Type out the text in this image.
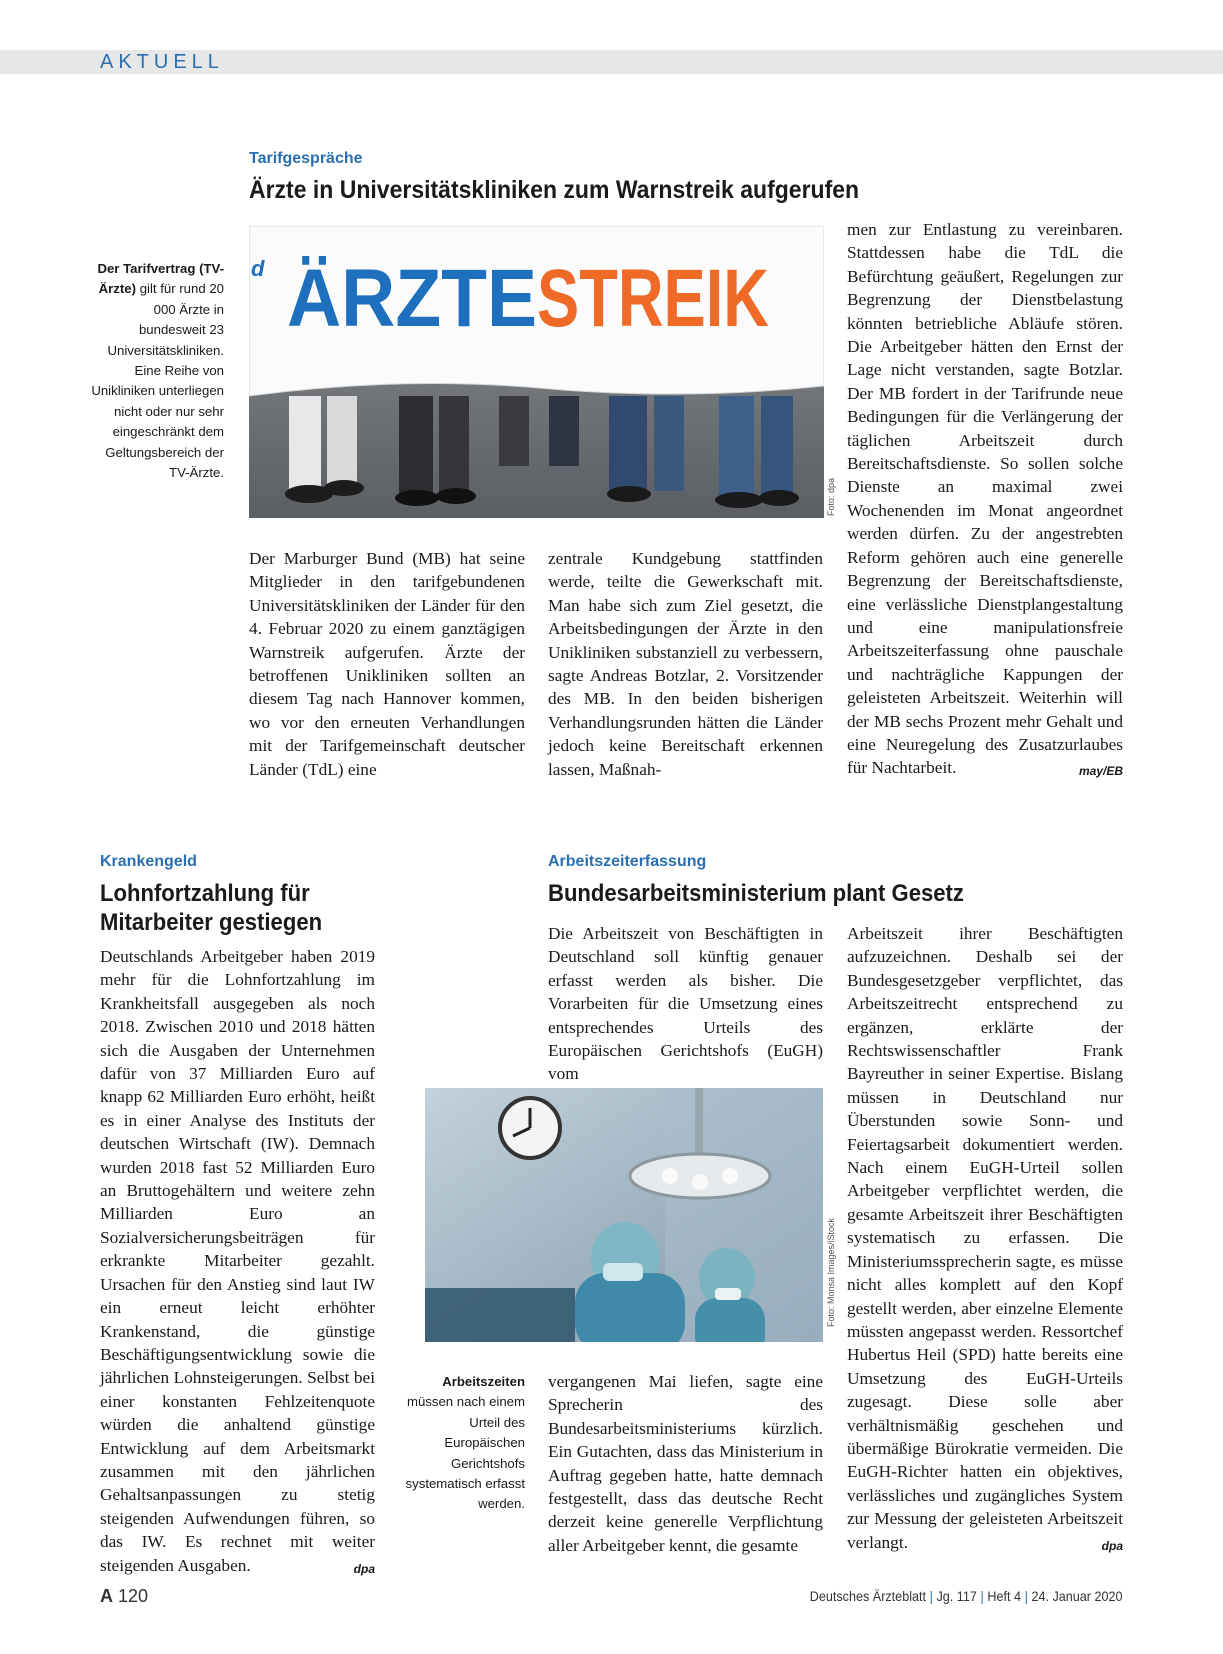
AKTUELL
Tarifgespräche
Ärzte in Universitätskliniken zum Warnstreik aufgerufen
d ÄRZTE STREIK
Foto: dpa
Der Tarifvertrag (TV-Ärzte) gilt für rund 20 000 Ärzte in bundesweit 23 Universitätskliniken. Eine Reihe von Unikliniken unterliegen nicht oder nur sehr eingeschränkt dem Geltungsbereich der TV-Ärzte.
Der Marburger Bund (MB) hat seine Mitglieder in den tarifgebundenen Universitätskliniken der Länder für den 4. Februar 2020 zu einem ganztägigen Warnstreik aufgerufen. Ärzte der betroffenen Unikliniken sollten an diesem Tag nach Hannover kommen, wo vor den erneuten Verhandlungen mit der Tarifgemeinschaft deutscher Länder (TdL) eine
zentrale Kundgebung stattfinden werde, teilte die Gewerkschaft mit. Man habe sich zum Ziel gesetzt, die Arbeitsbedingungen der Ärzte in den Unikliniken substanziell zu verbessern, sagte Andreas Botzlar, 2. Vorsitzender des MB. In den beiden bisherigen Verhandlungsrunden hätten die Länder jedoch keine Bereitschaft erkennen lassen, Maßnah-
men zur Entlastung zu vereinbaren. Stattdessen habe die TdL die Befürchtung geäußert, Regelungen zur Begrenzung der Dienstbelastung könnten betriebliche Abläufe stören. Die Arbeitgeber hätten den Ernst der Lage nicht verstanden, sagte Botzlar. Der MB fordert in der Tarifrunde neue Bedingungen für die Verlängerung der täglichen Arbeitszeit durch Bereitschaftsdienste. So sollen solche Dienste an maximal zwei Wochenenden im Monat angeordnet werden dürfen. Zu der angestrebten Reform gehören auch eine generelle Begrenzung der Bereitschaftsdienste, eine verlässliche Dienstplangestaltung und eine manipulationsfreie Arbeitszeiterfassung ohne pauschale und nachträgliche Kappungen der geleisteten Arbeitszeit. Weiterhin will der MB sechs Prozent mehr Gehalt und eine Neuregelung des Zusatzurlaubes für Nachtarbeit.	may/EB
Krankengeld
Lohnfortzahlung für
Mitarbeiter gestiegen
Deutschlands Arbeitgeber haben 2019 mehr für die Lohnfortzahlung im Krankheitsfall ausgegeben als noch 2018. Zwischen 2010 und 2018 hätten sich die Ausgaben der Unternehmen dafür von 37 Milliarden Euro auf knapp 62 Milliarden Euro erhöht, heißt es in einer Analyse des Instituts der deutschen Wirtschaft (IW). Demnach wurden 2018 fast 52 Milliarden Euro an Bruttogehältern und weitere zehn Milliarden Euro an Sozialversicherungsbeiträgen für erkrankte Mitarbeiter gezahlt. Ursachen für den Anstieg sind laut IW ein erneut leicht erhöhter Krankenstand, die günstige Beschäftigungsentwicklung sowie die jährlichen Lohnsteigerungen. Selbst bei einer konstanten Fehlzeitenquote würden die anhaltend günstige Entwicklung auf dem Arbeitsmarkt zusammen mit den jährlichen Gehaltsanpassungen zu stetig steigenden Aufwendungen führen, so das IW. Es rechnet mit weiter steigenden Ausgaben.	dpa
Arbeitszeiterfassung
Bundesarbeitsministerium plant Gesetz
Die Arbeitszeit von Beschäftigten in Deutschland soll künftig genauer erfasst werden als bisher. Die Vorarbeiten für die Umsetzung eines entsprechendes Urteils des Europäischen Gerichtshofs (EuGH) vom
Foto: Monsa Images/iStock
Arbeitszeiten müssen nach einem Urteil des Europäischen Gerichtshofs systematisch erfasst werden.
vergangenen Mai liefen, sagte eine Sprecherin des Bundesarbeitsministeriums kürzlich. Ein Gutachten, dass das Ministerium in Auftrag gegeben hatte, hatte demnach festgestellt, dass das deutsche Recht derzeit keine generelle Verpflichtung aller Arbeitgeber kennt, die gesamte
Arbeitszeit ihrer Beschäftigten aufzuzeichnen. Deshalb sei der Bundesgesetzgeber verpflichtet, das Arbeitszeitrecht entsprechend zu ergänzen, erklärte der Rechtswissenschaftler Frank Bayreuther in seiner Expertise. Bislang müssen in Deutschland nur Überstunden sowie Sonn- und Feiertagsarbeit dokumentiert werden. Nach einem EuGH-Urteil sollen Arbeitgeber verpflichtet werden, die gesamte Arbeitszeit ihrer Beschäftigten systematisch zu erfassen. Die Ministeriumssprecherin sagte, es müsse nicht alles komplett auf den Kopf gestellt werden, aber einzelne Elemente müssten angepasst werden. Ressortchef Hubertus Heil (SPD) hatte bereits eine Umsetzung des EuGH-Urteils zugesagt. Diese solle aber verhältnismäßig geschehen und übermäßige Bürokratie vermeiden. Die EuGH-Richter hatten ein objektives, verlässliches und zugängliches System zur Messung der geleisteten Arbeitszeit verlangt.	dpa
A 120	Deutsches Ärzteblatt | Jg. 117 | Heft 4 | 24. Januar 2020
